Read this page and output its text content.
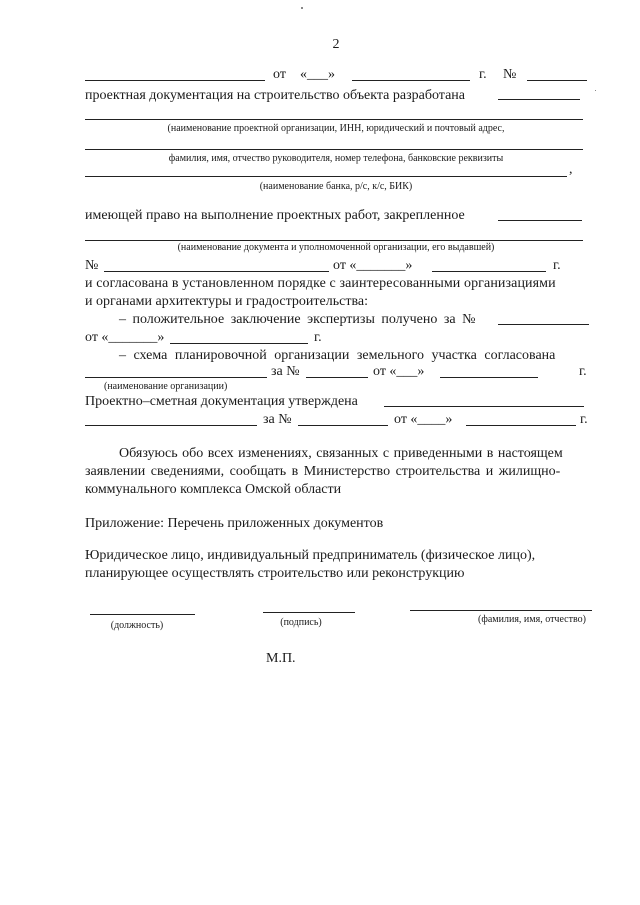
2
от «___»	г. №
проектная документация на строительство объекта разработана
(наименование проектной организации, ИНН, юридический и почтовый адрес,
фамилия, имя, отчество руководителя, номер телефона, банковские реквизиты
,
(наименование банка, р/с, к/с, БИК)
имеющей право на выполнение проектных работ, закрепленное
(наименование документа и уполномоченной организации, его выдавшей)
№	от «_______»	г.
и согласована в установленном порядке с заинтересованными организациями
и органами архитектуры и градостроительства:
– положительное заключение экспертизы получено за №
от «_______»	г.
– схема планировочной организации земельного участка согласована
за №	от «___»	г.
(наименование организации)
Проектно–сметная документация утверждена
за №	от «____»	г.
Обязуюсь обо всех изменениях, связанных с приведенными в настоящем
заявлении сведениями, сообщать в Министерство строительства и жилищно-
коммунального комплекса Омской области
Приложение: Перечень приложенных документов
Юридическое лицо, индивидуальный предприниматель (физическое лицо),
планирующее осуществлять строительство или реконструкцию
(должность)	(подпись)	(фамилия, имя, отчество)
М.П.
